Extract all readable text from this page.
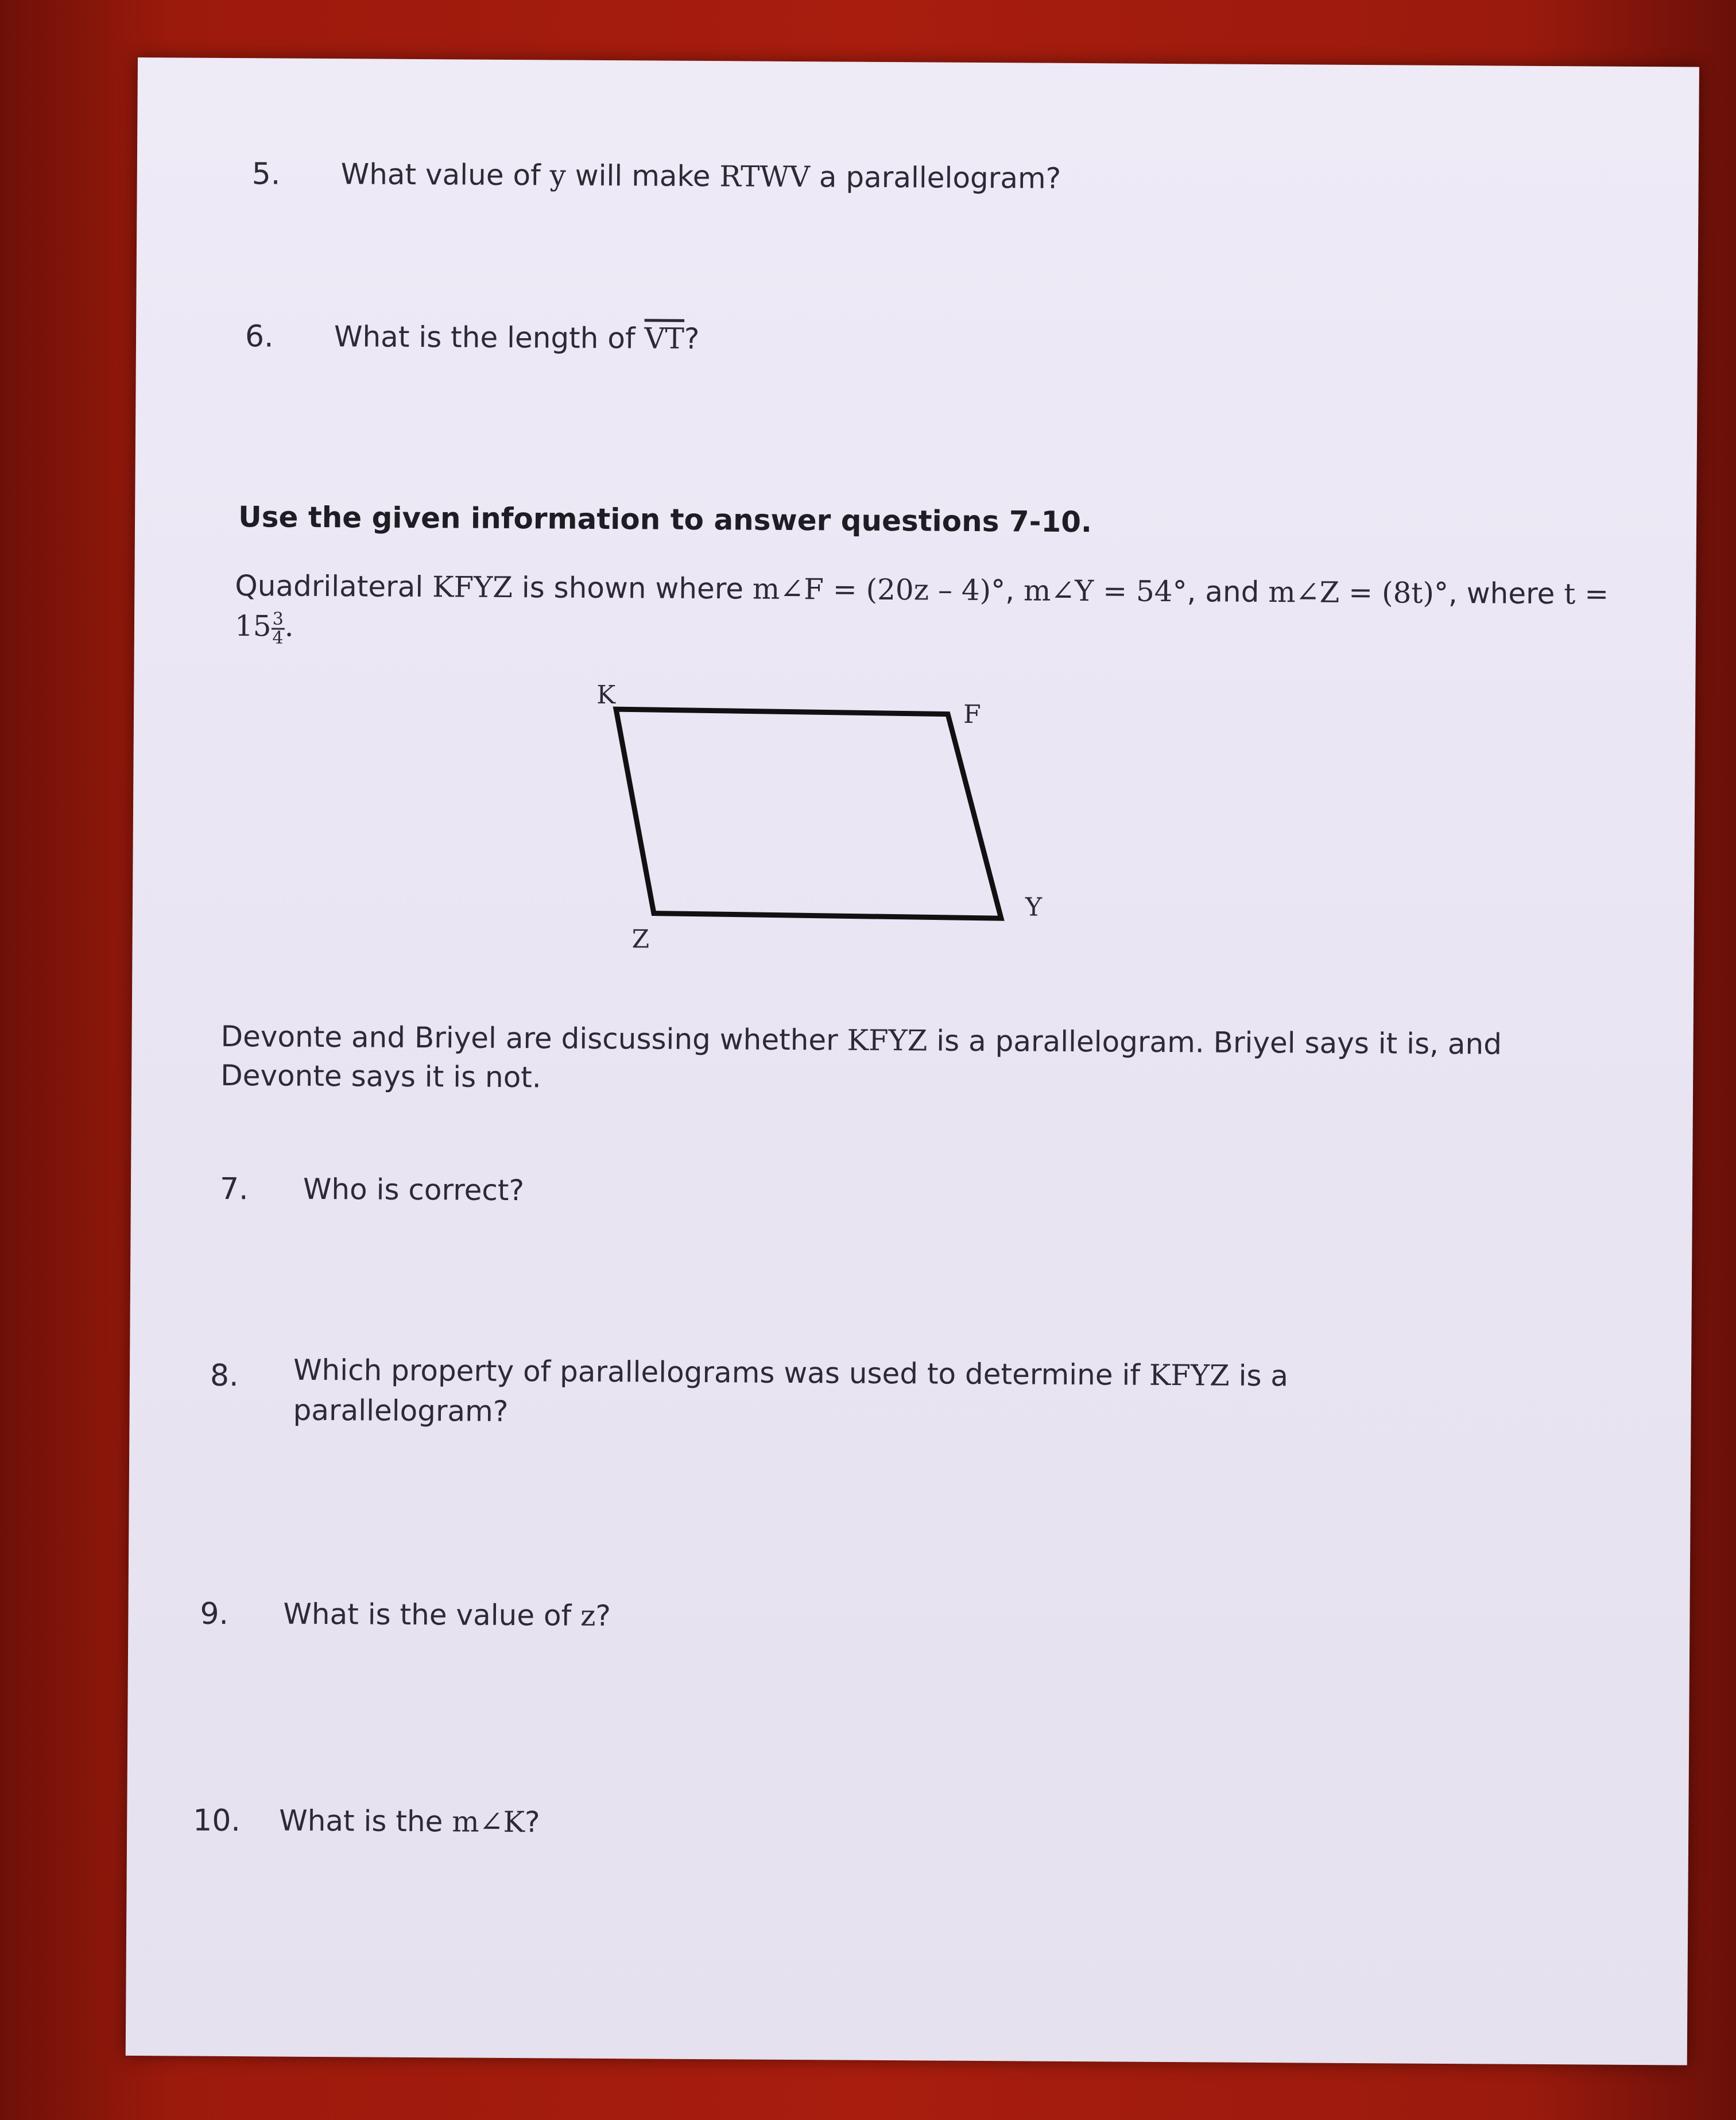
5. What value of y will make RTWV a parallelogram?
6. What is the length of $\overline{VT}$?
Use the given information to answer questions 7-10.
Quadrilateral KFYZ is shown where m∠F = (20z – 4)°, m∠Y = 54°, and m∠Z = (8t)°, where t =
$15 \frac{3}{4}$ .
K
F
Y
Z
Devonte and Briyel are discussing whether KFYZ is a parallelogram. Briyel says it is, and
Devonte says it is not.
7. Who is correct?
8. Which property of parallelograms was used to determine if KFYZ is a
parallelogram?
9. What is the value of z?
10. What is the m∠K?
